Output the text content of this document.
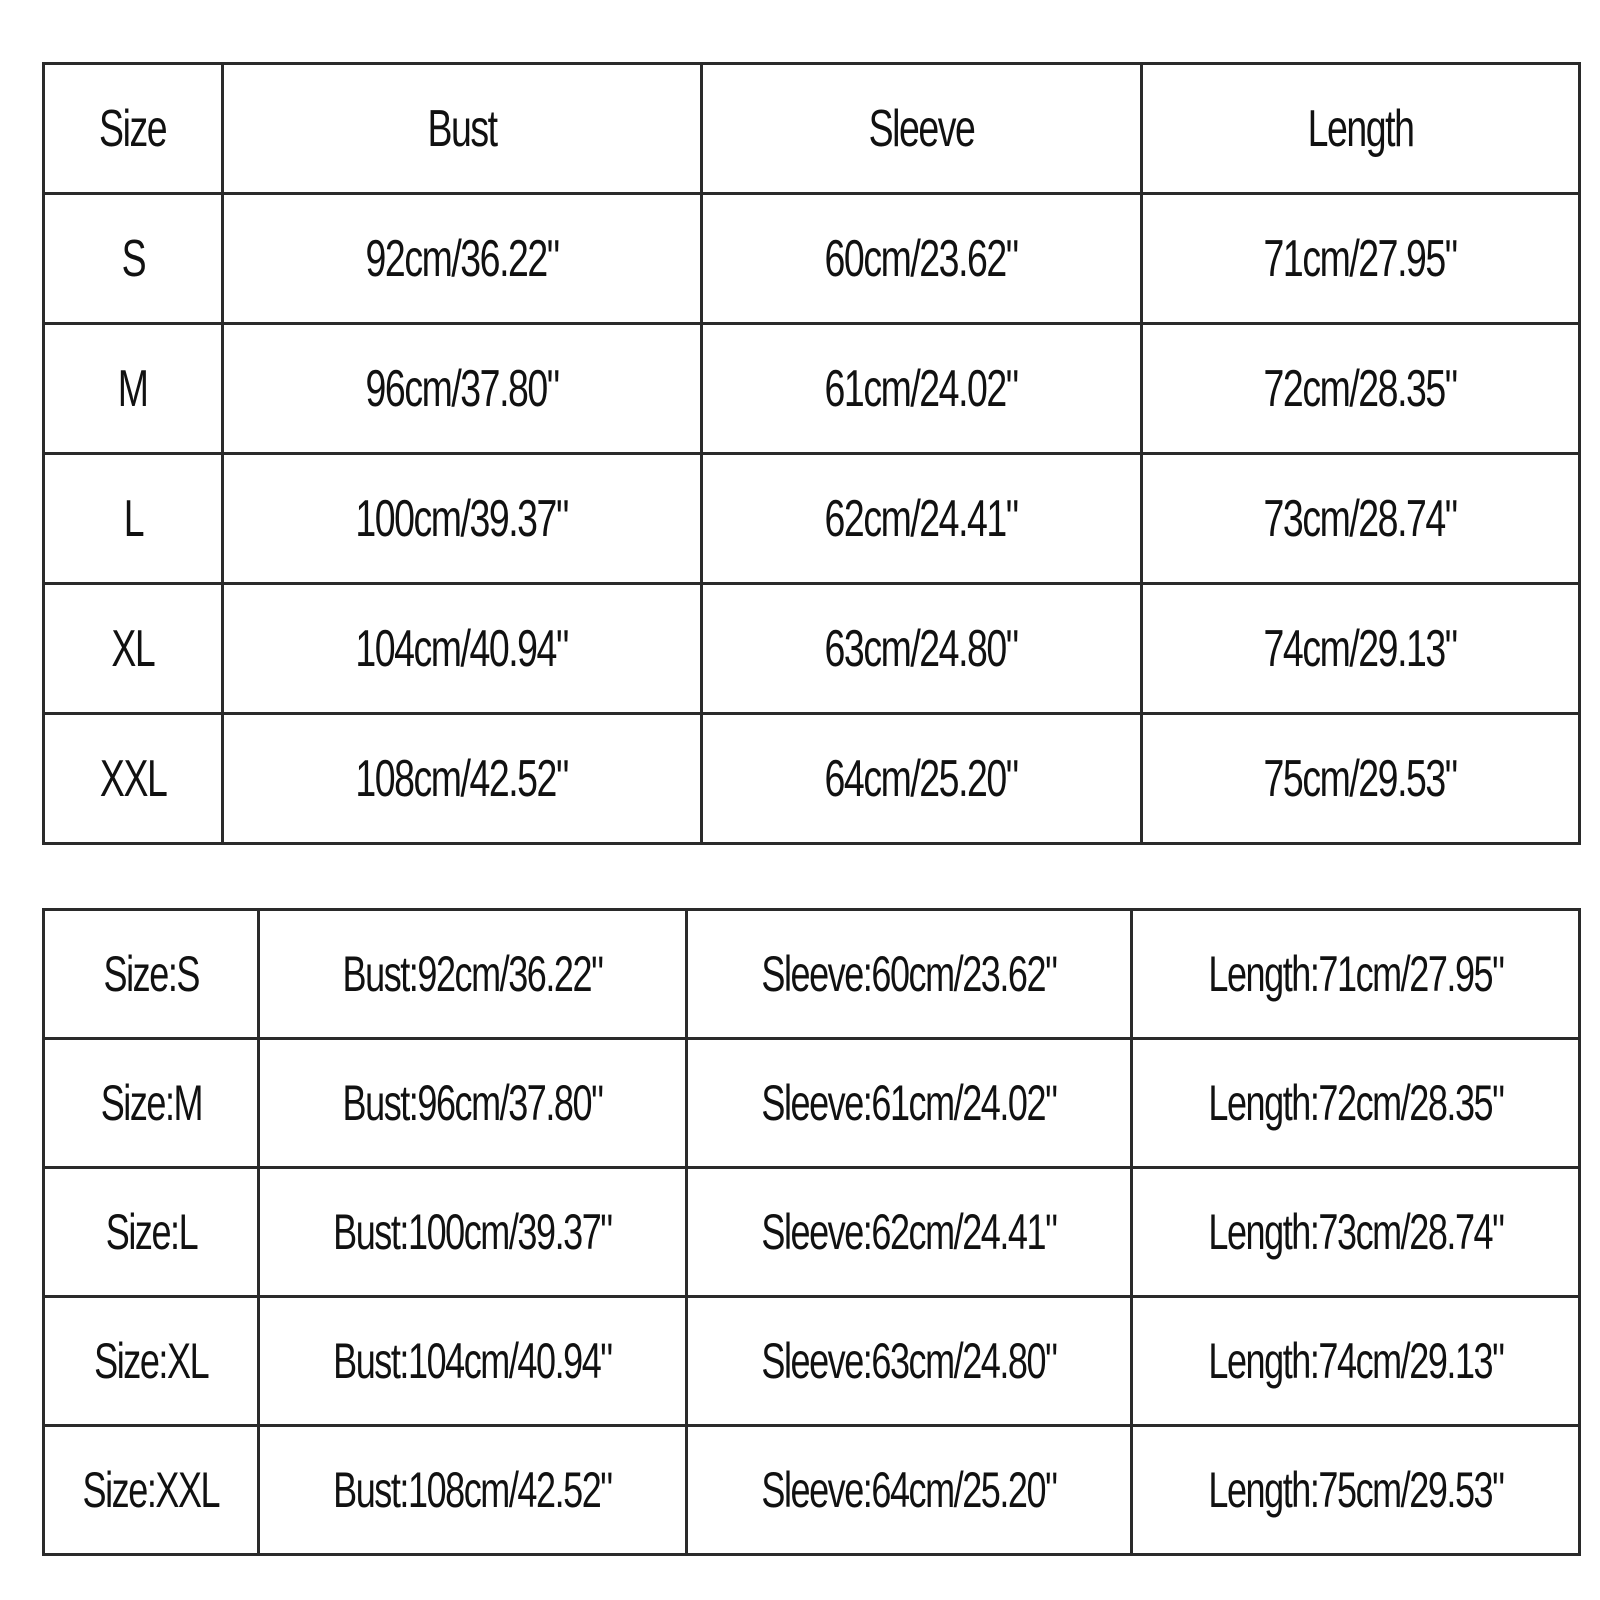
Size	Bust	Sleeve	Length
S	92cm/36.22"	60cm/23.62"	71cm/27.95"
M	96cm/37.80"	61cm/24.02"	72cm/28.35"
L	100cm/39.37"	62cm/24.41"	73cm/28.74"
XL	104cm/40.94"	63cm/24.80"	74cm/29.13"
XXL	108cm/42.52"	64cm/25.20"	75cm/29.53"
Size:S	Bust:92cm/36.22"	Sleeve:60cm/23.62"	Length:71cm/27.95"
Size:M	Bust:96cm/37.80"	Sleeve:61cm/24.02"	Length:72cm/28.35"
Size:L	Bust:100cm/39.37"	Sleeve:62cm/24.41"	Length:73cm/28.74"
Size:XL	Bust:104cm/40.94"	Sleeve:63cm/24.80"	Length:74cm/29.13"
Size:XXL	Bust:108cm/42.52"	Sleeve:64cm/25.20"	Length:75cm/29.53"
